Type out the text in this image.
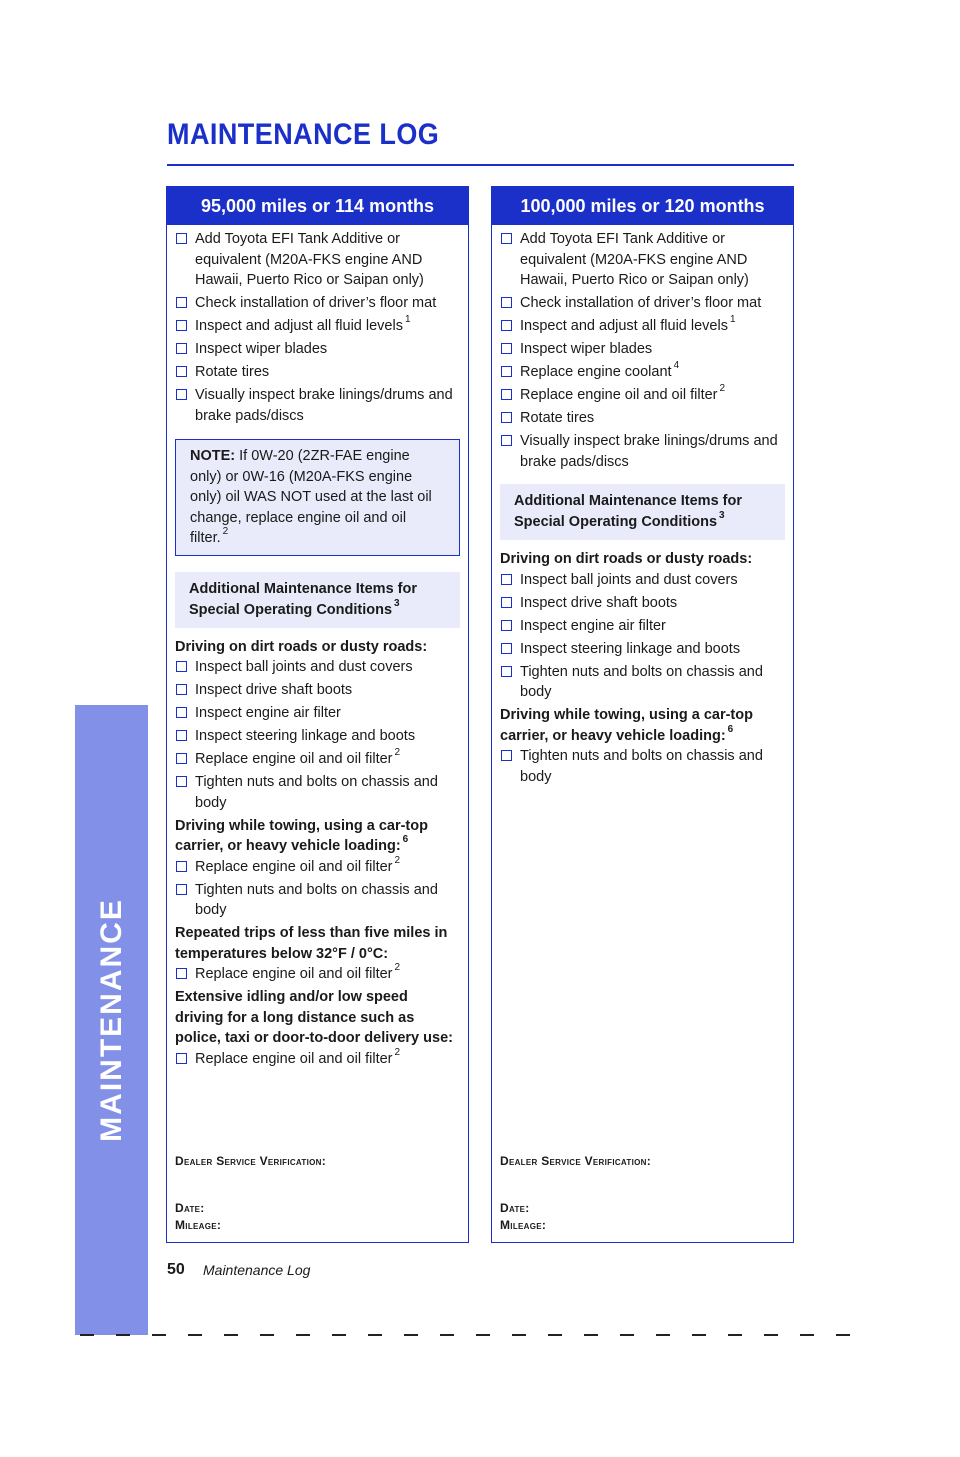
MAINTENANCE
MAINTENANCE LOG
95,000 miles or 114 months
Add Toyota EFI Tank Additive or equivalent (M20A-FKS engine AND Hawaii, Puerto Rico or Saipan only)
Check installation of driver’s floor mat
Inspect and adjust all fluid levels $^1$
Inspect wiper blades
Rotate tires
Visually inspect brake linings/drums and brake pads/discs
NOTE: If 0W-20 (2ZR-FAE engine only) or 0W-16 (M20A-FKS engine only) oil WAS NOT used at the last oil change, replace engine oil and oil filter. $^2$
Additional Maintenance Items for Special Operating Conditions $^3$

Driving on dirt roads or dusty roads:

Inspect ball joints and dust covers
Inspect drive shaft boots
Inspect engine air filter
Inspect steering linkage and boots
Replace engine oil and oil filter $^2$
Tighten nuts and bolts on chassis and body

Driving while towing, using a car-top carrier, or heavy vehicle loading: $^6$

Replace engine oil and oil filter $^2$
Tighten nuts and bolts on chassis and body

Repeated trips of less than five miles in temperatures below 32°F / 0°C:

Replace engine oil and oil filter $^2$

Extensive idling and/or low speed driving for a long distance such as police, taxi or door-to-door delivery use:

Replace engine oil and oil filter $^2$
Dealer Service Verification:
Date:
Mileage:
100,000 miles or 120 months
Add Toyota EFI Tank Additive or equivalent (M20A-FKS engine AND Hawaii, Puerto Rico or Saipan only)
Check installation of driver’s floor mat
Inspect and adjust all fluid levels $^1$
Inspect wiper blades
Replace engine coolant $^4$
Replace engine oil and oil filter $^2$
Rotate tires
Visually inspect brake linings/drums and brake pads/discs
Additional Maintenance Items for Special Operating Conditions $^3$

Driving on dirt roads or dusty roads:

Inspect ball joints and dust covers
Inspect drive shaft boots
Inspect engine air filter
Inspect steering linkage and boots
Tighten nuts and bolts on chassis and body

Driving while towing, using a car-top carrier, or heavy vehicle loading: $^6$

Tighten nuts and bolts on chassis and body
Dealer Service Verification:
Date:
Mileage:
50 Maintenance Log
